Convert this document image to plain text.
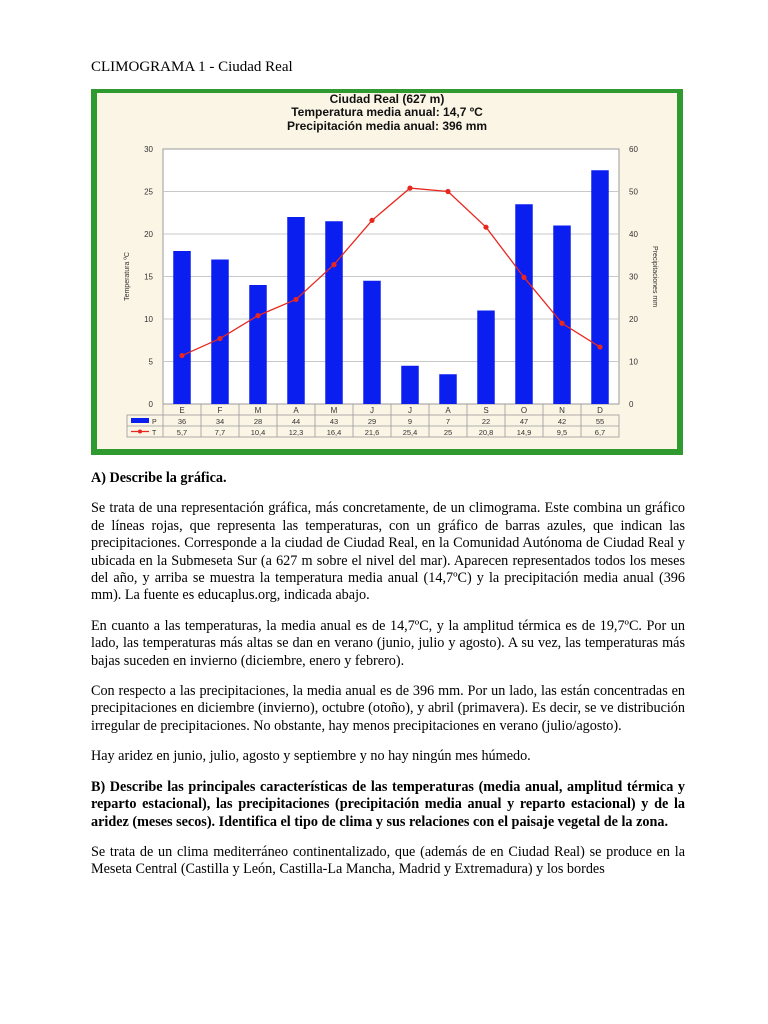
CLIMOGRAMA 1 - Ciudad Real
Ciudad Real (627 m)
Temperatura media anual: 14,7 ºC
Precipitación media anual: 396 mm
0
5
10
15
20
25
30
0
10
20
30
40
50
60
Temperatura ºC	Precipitaciones mm
E	F	M	A	M	J	J	A	S	O	N	D
P
T
36	34	28	44	43	29	9	7	22	47	42	55
5,7	7,7	10,4	12,3	16,4	21,6	25,4	25	20,8	14,9	9,5	6,7

A) Describe la gráfica.

Se trata de una representación gráfica, más concretamente, de un climograma. Este combina un gráfico de líneas rojas, que representa las temperaturas, con un gráfico de barras azules, que indican las precipitaciones. Corresponde a la ciudad de Ciudad Real, en la Comunidad Autónoma de Ciudad Real y ubicada en la Submeseta Sur (a 627 m sobre el nivel del mar). Aparecen representados todos los meses del año, y arriba se muestra la temperatura media anual (14,7ºC) y la precipitación media anual (396 mm). La fuente es educaplus.org, indicada abajo.

En cuanto a las temperaturas, la media anual es de 14,7ºC, y la amplitud térmica es de 19,7ºC. Por un lado, las temperaturas más altas se dan en verano (junio, julio y agosto). A su vez, las temperaturas más bajas suceden en invierno (diciembre, enero y febrero).

Con respecto a las precipitaciones, la media anual es de 396 mm. Por un lado, las están concentradas en precipitaciones en diciembre (invierno), octubre (otoño), y abril (primavera). Es decir, se ve distribución irregular de precipitaciones. No obstante, hay menos precipitaciones en verano (julio/agosto).

Hay aridez en junio, julio, agosto y septiembre y no hay ningún mes húmedo.

B) Describe las principales características de las temperaturas (media anual, amplitud térmica y reparto estacional), las precipitaciones (precipitación media anual y reparto estacional) y de la aridez (meses secos). Identifica el tipo de clima y sus relaciones con el paisaje vegetal de la zona.

Se trata de un clima mediterráneo continentalizado, que (además de en Ciudad Real) se produce en la Meseta Central (Castilla y León, Castilla-La Mancha, Madrid y Extremadura) y los bordes
